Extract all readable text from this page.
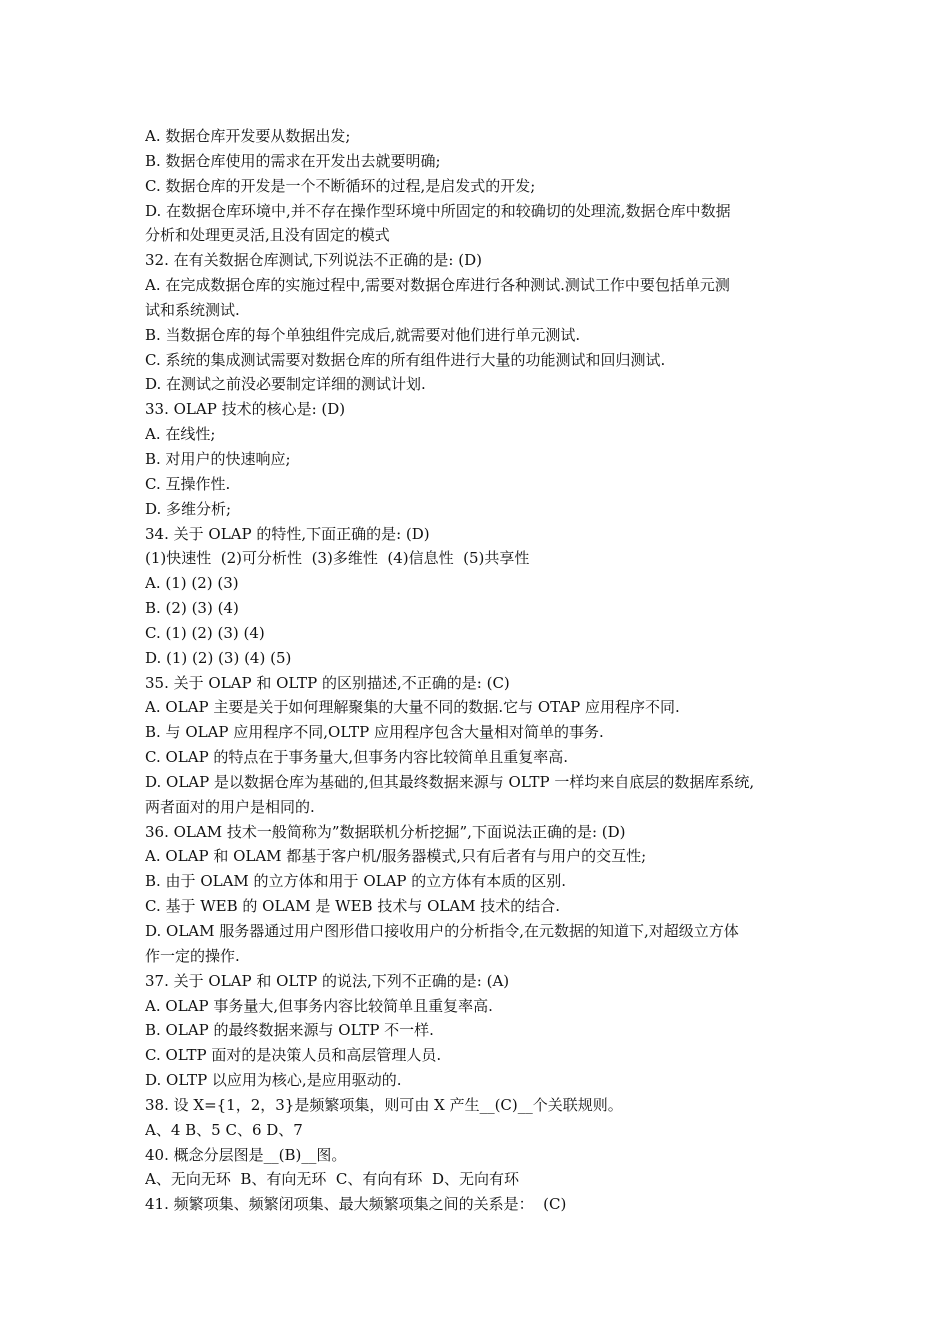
A. 数据仓库开发要从数据出发;
B. 数据仓库使用的需求在开发出去就要明确;
C. 数据仓库的开发是一个不断循环的过程,是启发式的开发;
D. 在数据仓库环境中,并不存在操作型环境中所固定的和较确切的处理流,数据仓库中数据
分析和处理更灵活,且没有固定的模式
32. 在有关数据仓库测试,下列说法不正确的是: (D)
A. 在完成数据仓库的实施过程中,需要对数据仓库进行各种测试.测试工作中要包括单元测
试和系统测试.
B. 当数据仓库的每个单独组件完成后,就需要对他们进行单元测试.
C. 系统的集成测试需要对数据仓库的所有组件进行大量的功能测试和回归测试.
D. 在测试之前没必要制定详细的测试计划.
33. OLAP 技术的核心是: (D)
A. 在线性;
B. 对用户的快速响应;
C. 互操作性.
D. 多维分析;
34. 关于 OLAP 的特性,下面正确的是: (D)
(1)快速性  (2)可分析性  (3)多维性  (4)信息性  (5)共享性
A. (1) (2) (3)
B. (2) (3) (4)
C. (1) (2) (3) (4)
D. (1) (2) (3) (4) (5)
35. 关于 OLAP 和 OLTP 的区别描述,不正确的是: (C)
A. OLAP 主要是关于如何理解聚集的大量不同的数据.它与 OTAP 应用程序不同.
B. 与 OLAP 应用程序不同,OLTP 应用程序包含大量相对简单的事务.
C. OLAP 的特点在于事务量大,但事务内容比较简单且重复率高.
D. OLAP 是以数据仓库为基础的,但其最终数据来源与 OLTP 一样均来自底层的数据库系统,
两者面对的用户是相同的.
36. OLAM 技术一般简称为”数据联机分析挖掘”,下面说法正确的是: (D)
A. OLAP 和 OLAM 都基于客户机/服务器模式,只有后者有与用户的交互性;
B. 由于 OLAM 的立方体和用于 OLAP 的立方体有本质的区别.
C. 基于 WEB 的 OLAM 是 WEB 技术与 OLAM 技术的结合.
D. OLAM 服务器通过用户图形借口接收用户的分析指令,在元数据的知道下,对超级立方体
作一定的操作.
37. 关于 OLAP 和 OLTP 的说法,下列不正确的是: (A)
A. OLAP 事务量大,但事务内容比较简单且重复率高.
B. OLAP 的最终数据来源与 OLTP 不一样.
C. OLTP 面对的是决策人员和高层管理人员.
D. OLTP 以应用为核心,是应用驱动的.
38. 设 X={1，2，3}是频繁项集，则可由 X 产生__(C)__个关联规则。
A、4 B、5 C、6 D、7
40. 概念分层图是__(B)__图。
A、无向无环  B、有向无环  C、有向有环  D、无向有环
41. 频繁项集、频繁闭项集、最大频繁项集之间的关系是：  (C)
